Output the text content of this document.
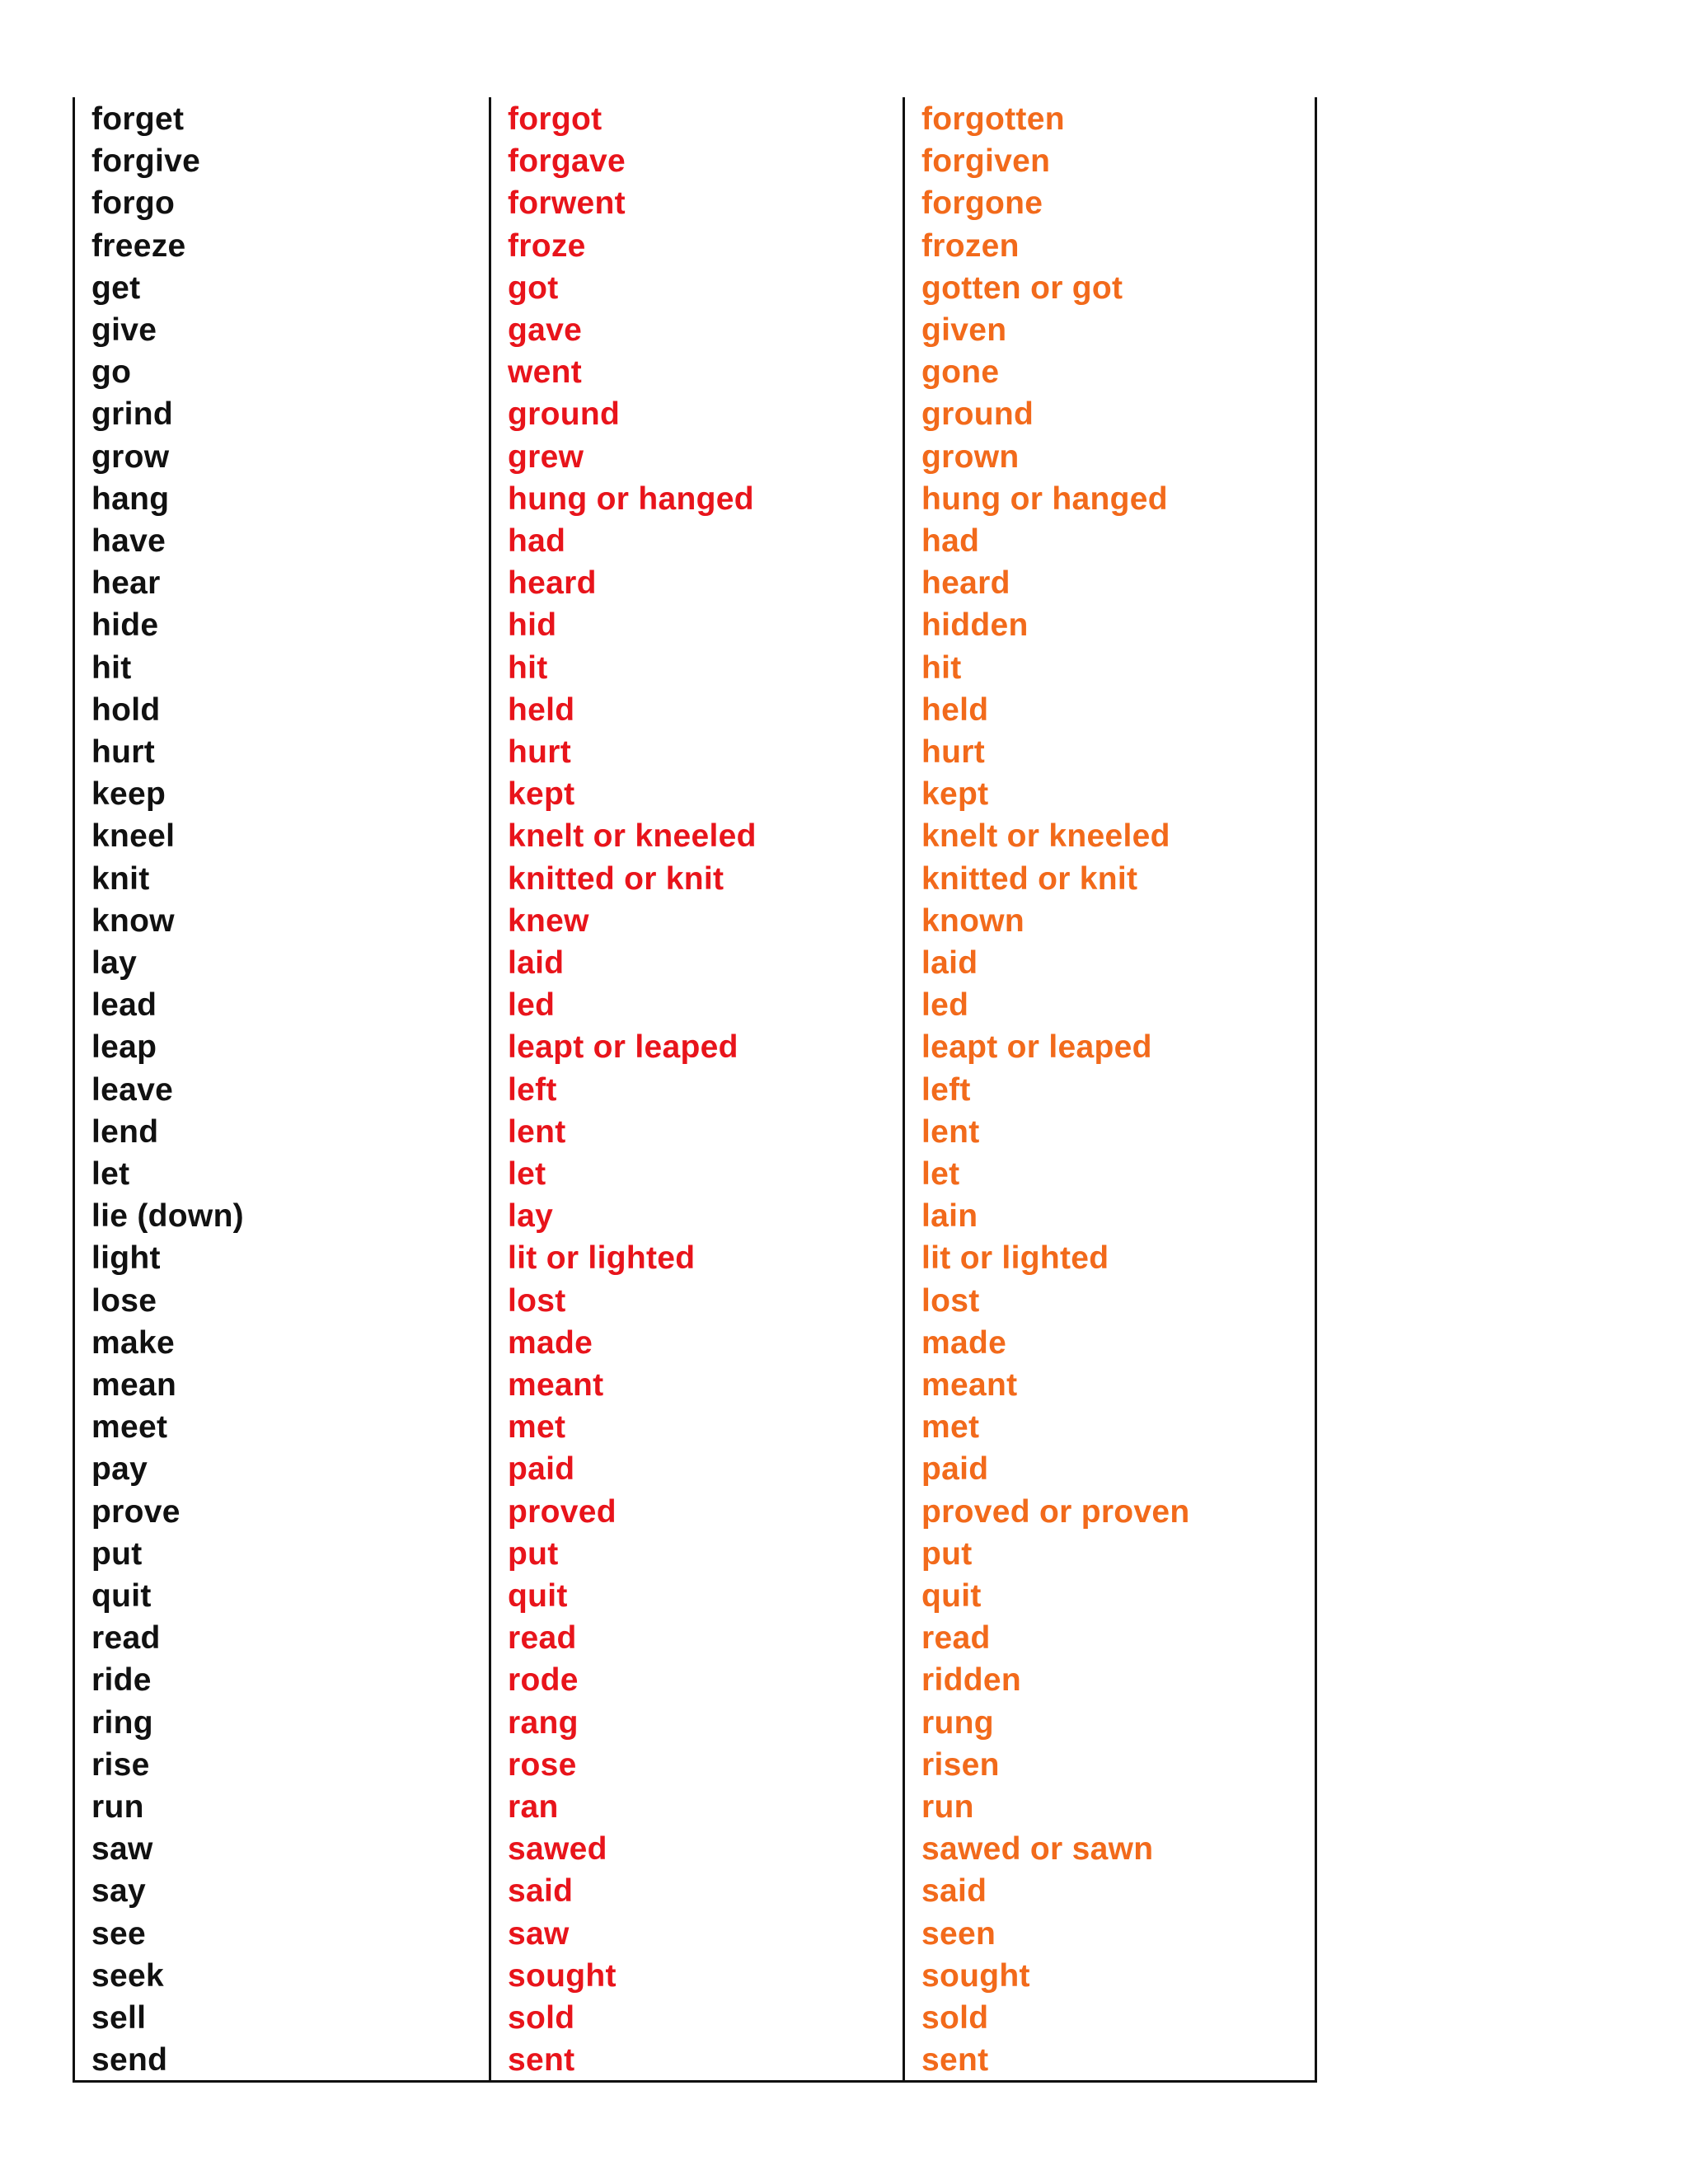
forget	forgot	forgotten
forgive	forgave	forgiven
forgo	forwent	forgone
freeze	froze	frozen
get	got	gotten or got
give	gave	given
go	went	gone
grind	ground	ground
grow	grew	grown
hang	hung or hanged	hung or hanged
have	had	had
hear	heard	heard
hide	hid	hidden
hit	hit	hit
hold	held	held
hurt	hurt	hurt
keep	kept	kept
kneel	knelt or kneeled	knelt or kneeled
knit	knitted or knit	knitted or knit
know	knew	known
lay	laid	laid
lead	led	led
leap	leapt or leaped	leapt or leaped
leave	left	left
lend	lent	lent
let	let	let
lie (down)	lay	lain
light	lit or lighted	lit or lighted
lose	lost	lost
make	made	made
mean	meant	meant
meet	met	met
pay	paid	paid
prove	proved	proved or proven
put	put	put
quit	quit	quit
read	read	read
ride	rode	ridden
ring	rang	rung
rise	rose	risen
run	ran	run
saw	sawed	sawed or sawn
say	said	said
see	saw	seen
seek	sought	sought
sell	sold	sold
send	sent	sent
